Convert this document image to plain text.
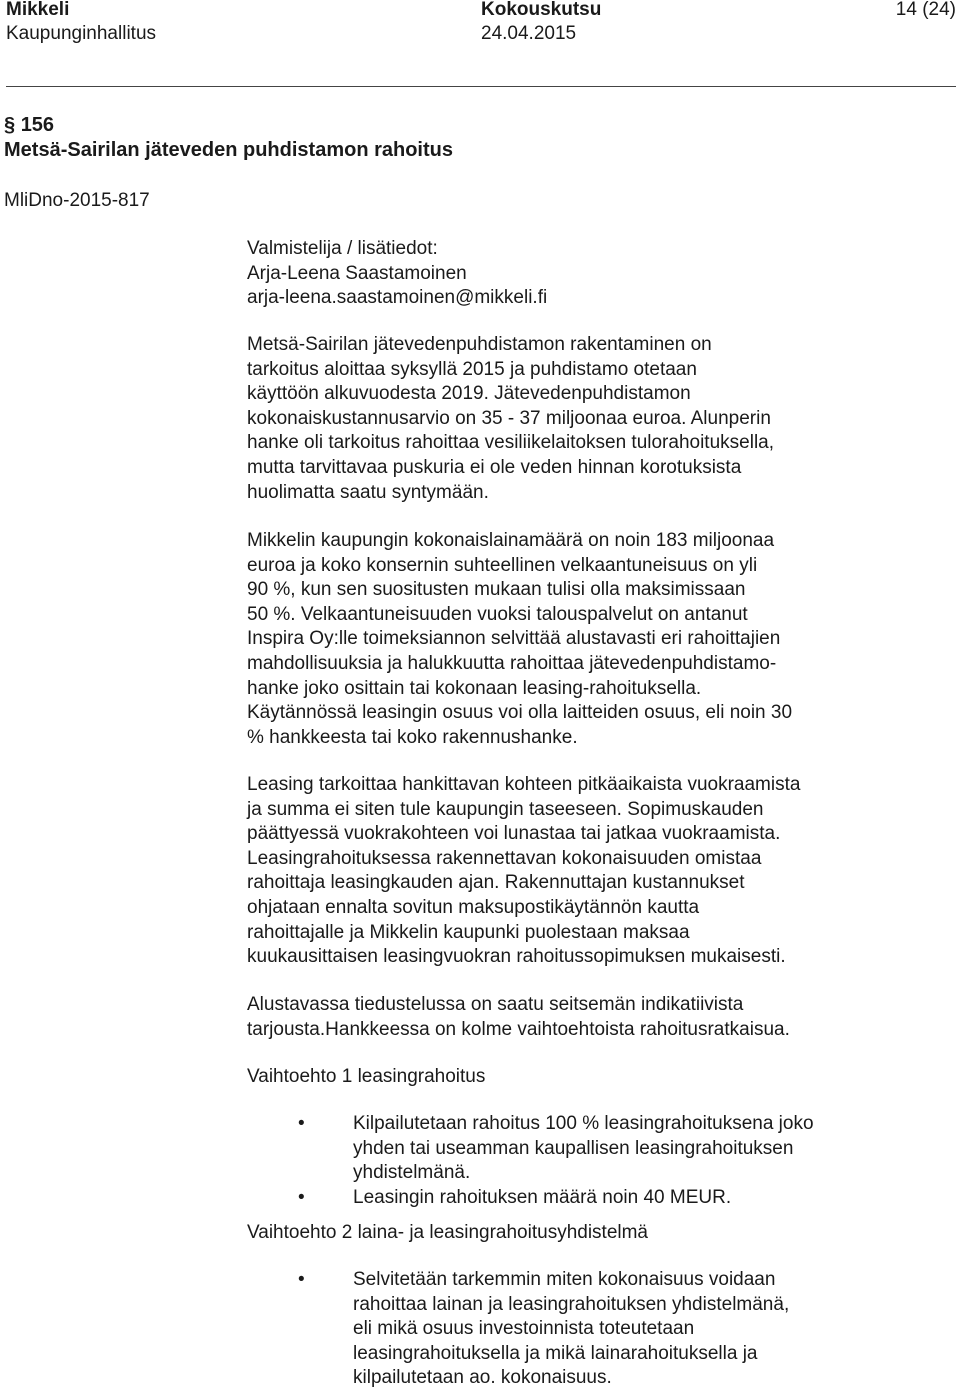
Mikkeli	Kokouskutsu	14 (24)
Kaupunginhallitus	24.04.2015
§ 156
Metsä-Sairilan jäteveden puhdistamon rahoitus
MliDno-2015-817

Valmistelija / lisätiedot:

Arja-Leena Saastamoinen

arja-leena.saastamoinen@mikkeli.fi

Metsä-Sairilan jätevedenpuhdistamon rakentaminen on

tarkoitus aloittaa syksyllä 2015 ja puhdistamo otetaan

käyttöön alkuvuodesta 2019. Jätevedenpuhdistamon

kokonaiskustannusarvio on 35 - 37 miljoonaa euroa. Alunperin

hanke oli tarkoitus rahoittaa vesiliikelaitoksen tulorahoituksella,

mutta tarvittavaa puskuria ei ole veden hinnan korotuksista

huolimatta saatu syntymään.

Mikkelin kaupungin kokonaislainamäärä on noin 183 miljoonaa

euroa ja koko konsernin suhteellinen velkaantuneisuus on yli

90 %, kun sen suositusten mukaan tulisi olla maksimissaan

50 %. Velkaantuneisuuden vuoksi talouspalvelut on antanut

Inspira Oy:lle toimeksiannon selvittää alustavasti eri rahoittajien

mahdollisuuksia ja halukkuutta rahoittaa jätevedenpuhdistamo-

hanke joko osittain tai kokonaan leasing-rahoituksella.

Käytännössä leasingin osuus voi olla laitteiden osuus, eli noin 30

% hankkeesta tai koko rakennushanke.

Leasing tarkoittaa hankittavan kohteen pitkäaikaista vuokraamista

ja summa ei siten tule kaupungin taseeseen. Sopimuskauden

päättyessä vuokrakohteen voi lunastaa tai jatkaa vuokraamista.

Leasingrahoituksessa rakennettavan kokonaisuuden omistaa

rahoittaja leasingkauden ajan. Rakennuttajan kustannukset

ohjataan ennalta sovitun maksupostikäytännön kautta

rahoittajalle ja Mikkelin kaupunki puolestaan maksaa

kuukausittaisen leasingvuokran rahoitussopimuksen mukaisesti.

Alustavassa tiedustelussa on saatu seitsemän indikatiivista

tarjousta.Hankkeessa on kolme vaihtoehtoista rahoitusratkaisua.

Vaihtoehto 1 leasingrahoitus

•	Kilpailutetaan rahoitus 100 % leasingrahoituksena joko

yhden tai useamman kaupallisen leasingrahoituksen

yhdistelmänä.

•	Leasingin rahoituksen määrä noin 40 MEUR.

Vaihtoehto 2 laina- ja leasingrahoitusyhdistelmä

•	Selvitetään tarkemmin miten kokonaisuus voidaan

rahoittaa lainan ja leasingrahoituksen yhdistelmänä,

eli mikä osuus investoinnista toteutetaan

leasingrahoituksella ja mikä lainarahoituksella ja

kilpailutetaan ao. kokonaisuus.
